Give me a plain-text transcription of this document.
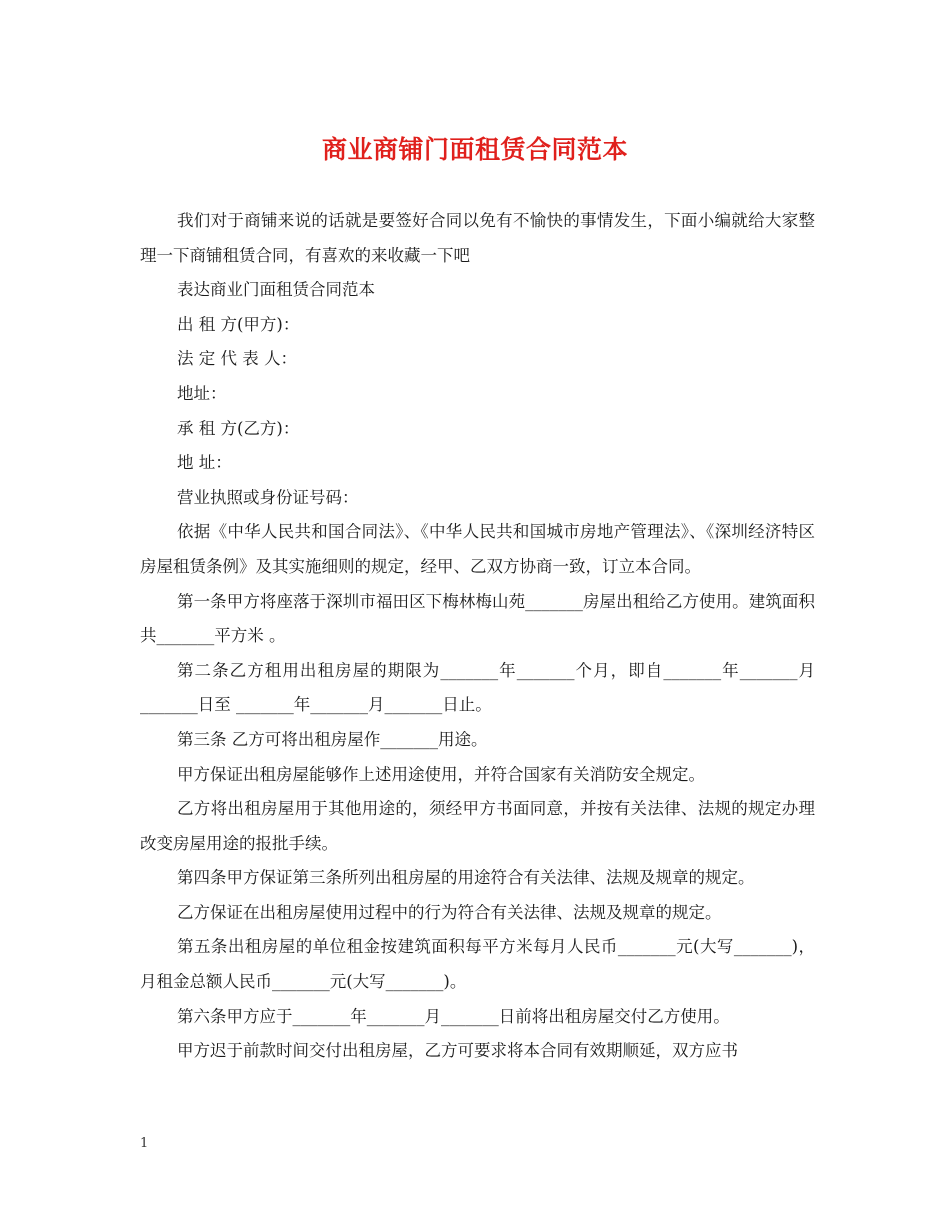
商业商铺门面租赁合同范本

我们对于商铺来说的话就是要签好合同以免有不愉快的事情发生，下面小编就给大家整理一下商铺租赁合同，有喜欢的来收藏一下吧

表达商业门面租赁合同范本

出 租 方(甲方)：

法 定 代 表 人：

地址：

承 租 方(乙方)：

地 址：

营业执照或身份证号码：

依据《中华人民共和国合同法》、《中华人民共和国城市房地产管理法》、《深圳经济特区房屋租赁条例》及其实施细则的规定，经甲、乙双方协商一致，订立本合同。

第一条甲方将座落于深圳市福田区下梅林梅山苑_______房屋出租给乙方使用。建筑面积共_______平方米 。

第二条乙方租用出租房屋的期限为_______年_______个月，即自_______年_______月_______日至 _______年_______月_______日止。

第三条 乙方可将出租房屋作_______用途。

甲方保证出租房屋能够作上述用途使用，并符合国家有关消防安全规定。

乙方将出租房屋用于其他用途的，须经甲方书面同意，并按有关法律、法规的规定办理改变房屋用途的报批手续。

第四条甲方保证第三条所列出租房屋的用途符合有关法律、法规及规章的规定。

乙方保证在出租房屋使用过程中的行为符合有关法律、法规及规章的规定。

第五条出租房屋的单位租金按建筑面积每平方米每月人民币_______元(大写_______)，月租金总额人民币_______元(大写_______)。

第六条甲方应于_______年_______月_______日前将出租房屋交付乙方使用。

甲方迟于前款时间交付出租房屋，乙方可要求将本合同有效期顺延，双方应书

1
